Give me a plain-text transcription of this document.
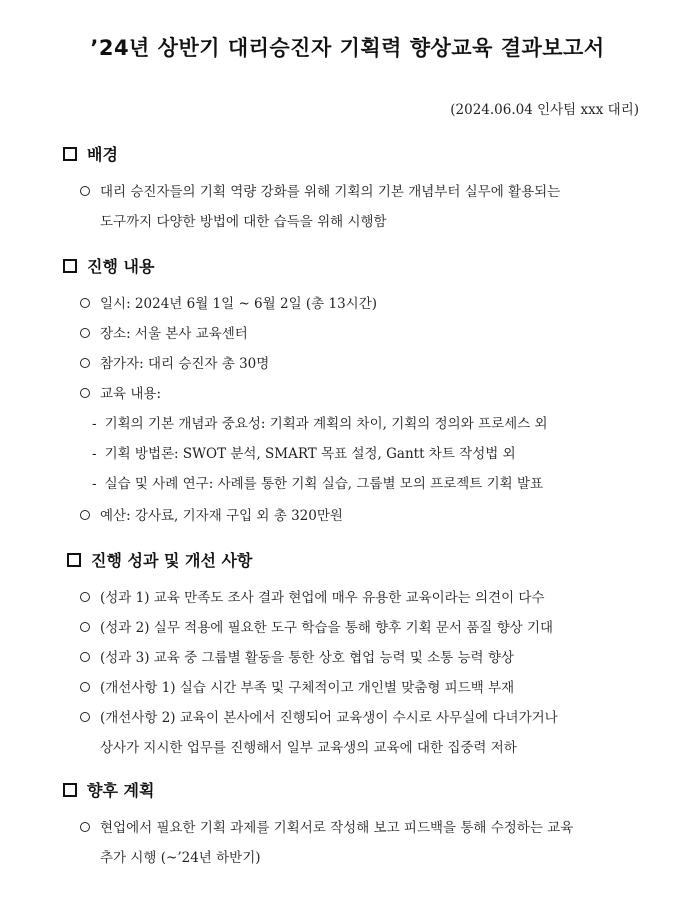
’24년 상반기 대리승진자 기획력 향상교육 결과보고서
(2024.06.04 인사팀 xxx 대리)
배경
대리 승진자들의 기획 역량 강화를 위해 기획의 기본 개념부터 실무에 활용되는
도구까지 다양한 방법에 대한 습득을 위해 시행함
진행 내용
일시: 2024년 6월 1일 ~ 6월 2일 (총 13시간)
장소: 서울 본사 교육센터
참가자: 대리 승진자 총 30명
교육 내용:
- 기획의 기본 개념과 중요성: 기획과 계획의 차이, 기획의 정의와 프로세스 외
- 기획 방법론: SWOT 분석, SMART 목표 설정, Gantt 차트 작성법 외
- 실습 및 사례 연구: 사례를 통한 기획 실습, 그룹별 모의 프로젝트 기획 발표
예산: 강사료, 기자재 구입 외 총 320만원
진행 성과 및 개선 사항
(성과 1) 교육 만족도 조사 결과 현업에 매우 유용한 교육이라는 의견이 다수
(성과 2) 실무 적용에 필요한 도구 학습을 통해 향후 기획 문서 품질 향상 기대
(성과 3) 교육 중 그룹별 활동을 통한 상호 협업 능력 및 소통 능력 향상
(개선사항 1) 실습 시간 부족 및 구체적이고 개인별 맞춤형 피드백 부재
(개선사항 2) 교육이 본사에서 진행되어 교육생이 수시로 사무실에 다녀가거나
상사가 지시한 업무를 진행해서 일부 교육생의 교육에 대한 집중력 저하
향후 계획
현업에서 필요한 기획 과제를 기획서로 작성해 보고 피드백을 통해 수정하는 교육
추가 시행 (~’24년 하반기)
